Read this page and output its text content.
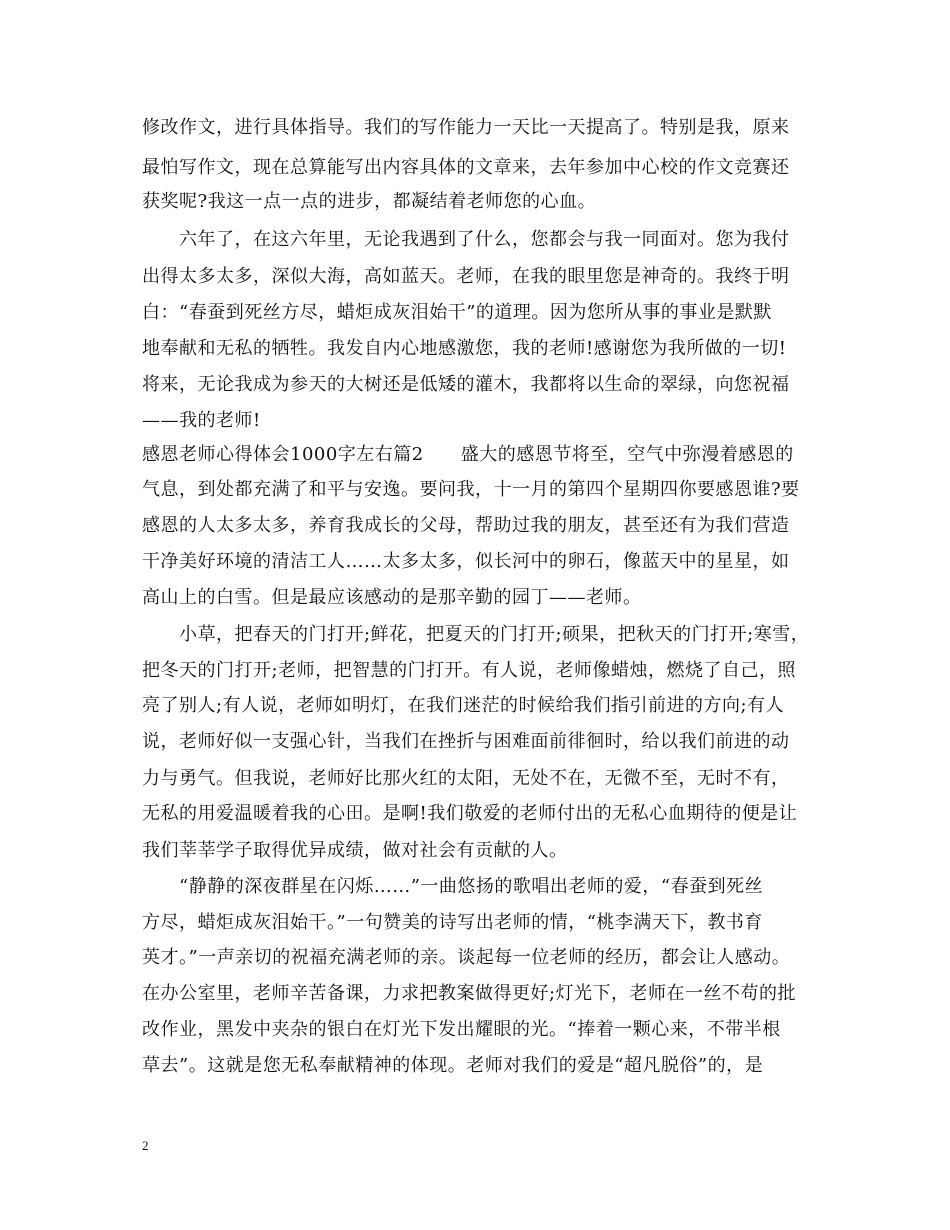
修改作文，进行具体指导。我们的写作能力一天比一天提高了。特别是我，原来

最怕写作文，现在总算能写出内容具体的文章来，去年参加中心校的作文竞赛还

获奖呢?我这一点一点的进步，都凝结着老师您的心血。

　　六年了，在这六年里，无论我遇到了什么，您都会与我一同面对。您为我付

出得太多太多，深似大海，高如蓝天。老师，在我的眼里您是神奇的。我终于明

白：“春蚕到死丝方尽，蜡炬成灰泪始干”的道理。因为您所从事的事业是默默

地奉献和无私的牺牲。我发自内心地感激您，我的老师!感谢您为我所做的一切!

将来，无论我成为参天的大树还是低矮的灌木，我都将以生命的翠绿，向您祝福

——我的老师!

感恩老师心得体会1000字左右篇2　　盛大的感恩节将至，空气中弥漫着感恩的

气息，到处都充满了和平与安逸。要问我，十一月的第四个星期四你要感恩谁?要

感恩的人太多太多，养育我成长的父母，帮助过我的朋友，甚至还有为我们营造

干净美好环境的清洁工人……太多太多，似长河中的卵石，像蓝天中的星星，如

高山上的白雪。但是最应该感动的是那辛勤的园丁——老师。

　　小草，把春天的门打开;鲜花，把夏天的门打开;硕果，把秋天的门打开;寒雪，

把冬天的门打开;老师，把智慧的门打开。有人说，老师像蜡烛，燃烧了自己，照

亮了别人;有人说，老师如明灯，在我们迷茫的时候给我们指引前进的方向;有人

说，老师好似一支强心针，当我们在挫折与困难面前徘徊时，给以我们前进的动

力与勇气。但我说，老师好比那火红的太阳，无处不在，无微不至，无时不有，

无私的用爱温暖着我的心田。是啊!我们敬爱的老师付出的无私心血期待的便是让

我们莘莘学子取得优异成绩，做对社会有贡献的人。

　　“静静的深夜群星在闪烁……”一曲悠扬的歌唱出老师的爱，“春蚕到死丝

方尽，蜡炬成灰泪始干。”一句赞美的诗写出老师的情，“桃李满天下，教书育

英才。”一声亲切的祝福充满老师的亲。谈起每一位老师的经历，都会让人感动。

在办公室里，老师辛苦备课，力求把教案做得更好;灯光下，老师在一丝不苟的批

改作业，黑发中夹杂的银白在灯光下发出耀眼的光。“捧着一颗心来，不带半根

草去”。这就是您无私奉献精神的体现。老师对我们的爱是“超凡脱俗”的，是

2
